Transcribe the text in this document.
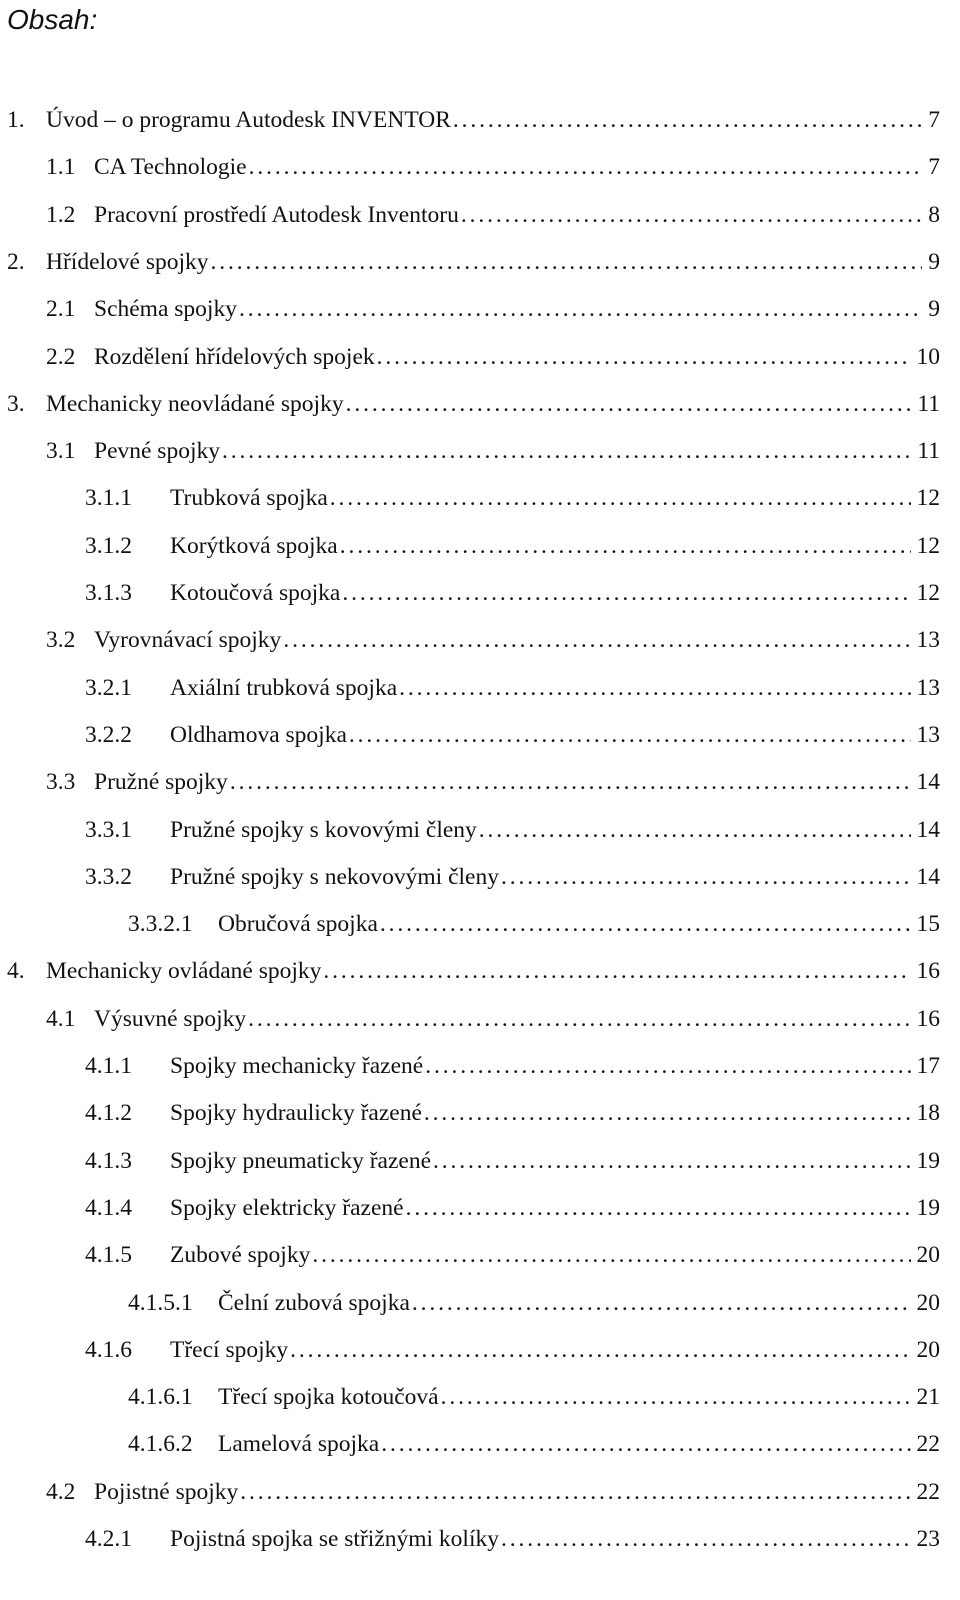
Obsah:
1. Úvod – o programu Autodesk INVENTOR . . .	7
1.1 CA Technologie . . .	7
1.2 Pracovní prostředí Autodesk Inventoru . . .	8
2. Hřídelové spojky . . .	9
2.1 Schéma spojky . . .	9
2.2 Rozdělení hřídelových spojek . . .	10
3. Mechanicky neovládané spojky . . .	11
3.1 Pevné spojky . . .	11
3.1.1 Trubková spojka . . .	12
3.1.2 Korýtková spojka . . .	12
3.1.3 Kotoučová spojka . . .	12
3.2 Vyrovnávací spojky . . .	13
3.2.1 Axiální trubková spojka . . .	13
3.2.2 Oldhamova spojka . . .	13
3.3 Pružné spojky . . .	14
3.3.1 Pružné spojky s kovovými členy . . .	14
3.3.2 Pružné spojky s nekovovými členy . . .	14
3.3.2.1 Obručová spojka . . .	15
4. Mechanicky ovládané spojky . . .	16
4.1 Výsuvné spojky . . .	16
4.1.1 Spojky mechanicky řazené . . .	17
4.1.2 Spojky hydraulicky řazené . . .	18
4.1.3 Spojky pneumaticky řazené . . .	19
4.1.4 Spojky elektricky řazené . . .	19
4.1.5 Zubové spojky . . .	20
4.1.5.1 Čelní zubová spojka . . .	20
4.1.6 Třecí spojky . . .	20
4.1.6.1 Třecí spojka kotoučová . . .	21
4.1.6.2 Lamelová spojka . . .	22
4.2 Pojistné spojky . . .	22
4.2.1 Pojistná spojka se střižnými kolíky . . .	23
